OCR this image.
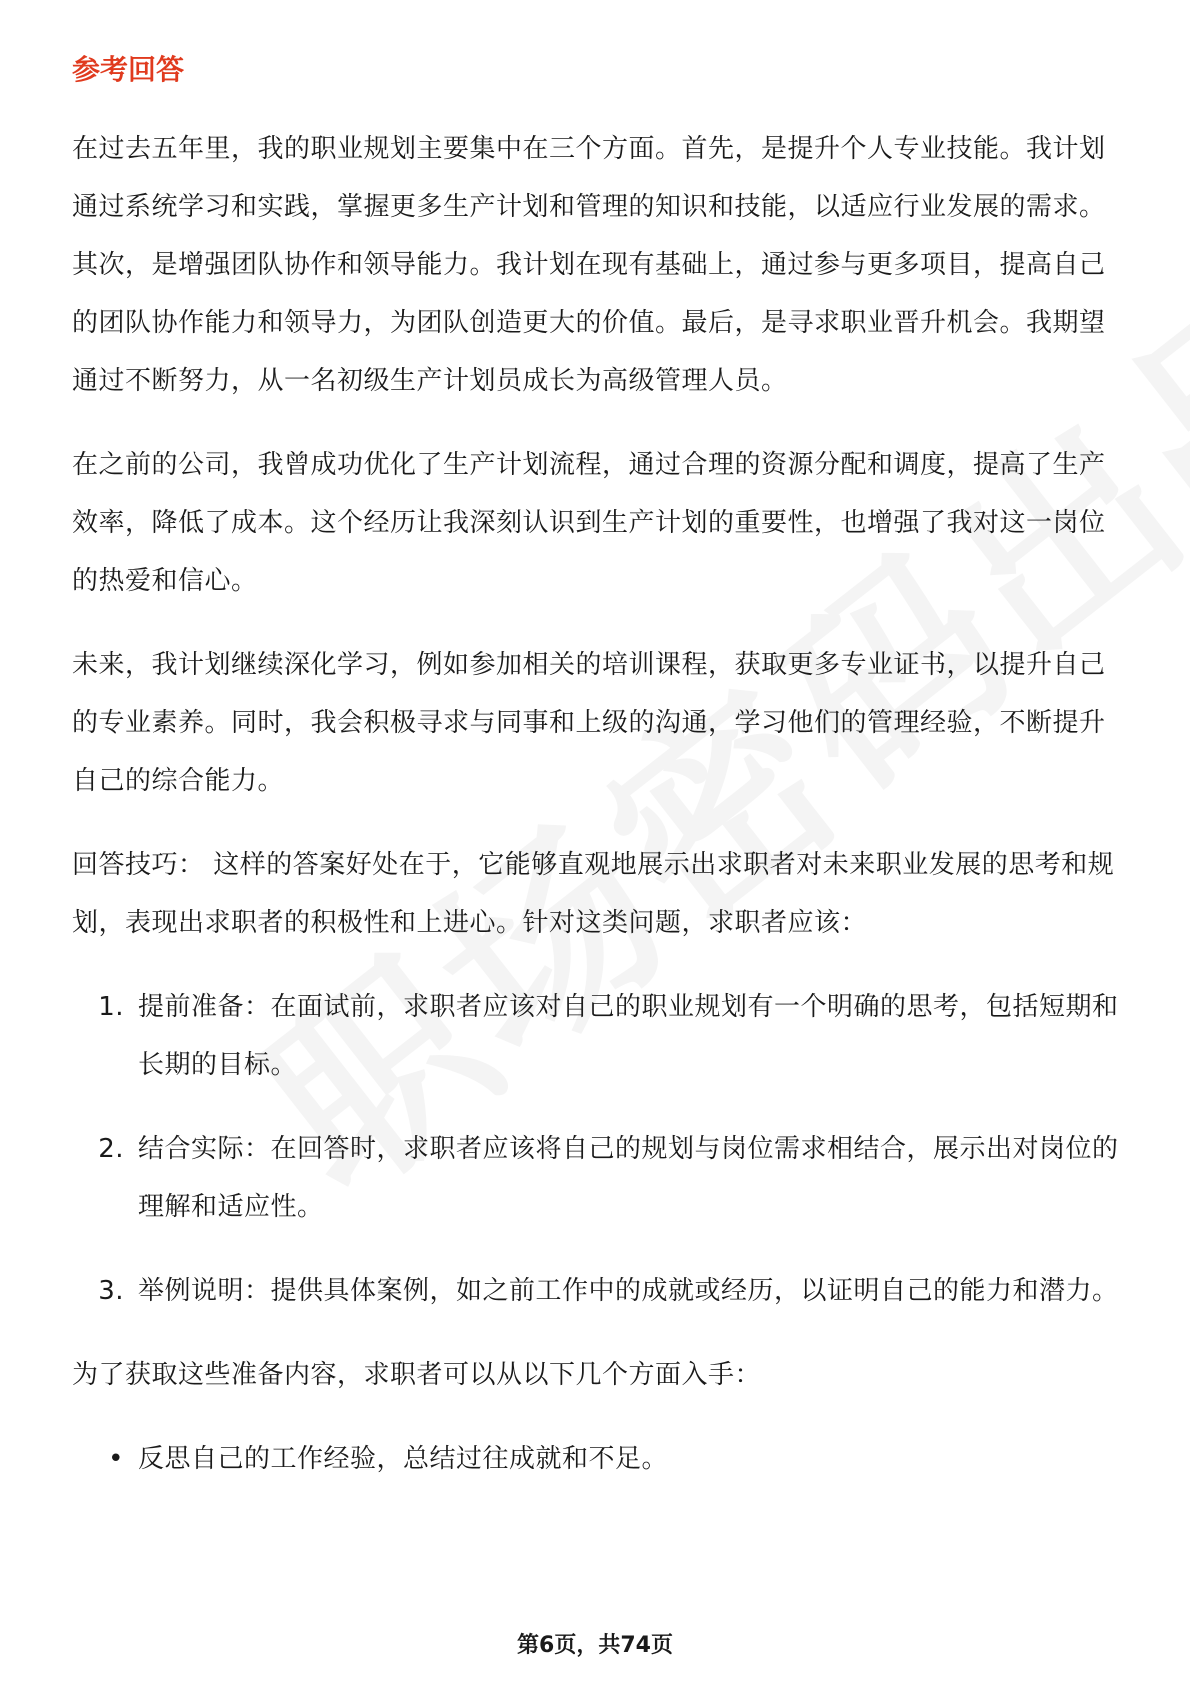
参考回答

在过去五年里，我的职业规划主要集中在三个方面。首先，是提升个人专业技能。我计划通过系统学习和实践，掌握更多生产计划和管理的知识和技能，以适应行业发展的需求。其次，是增强团队协作和领导能力。我计划在现有基础上，通过参与更多项目，提高自己的团队协作能力和领导力，为团队创造更大的价值。最后，是寻求职业晋升机会。我期望通过不断努力，从一名初级生产计划员成长为高级管理人员。

在之前的公司，我曾成功优化了生产计划流程，通过合理的资源分配和调度，提高了生产效率，降低了成本。这个经历让我深刻认识到生产计划的重要性，也增强了我对这一岗位的热爱和信心。

未来，我计划继续深化学习，例如参加相关的培训课程，获取更多专业证书，以提升自己的专业素养。同时，我会积极寻求与同事和上级的沟通，学习他们的管理经验，不断提升自己的综合能力。

回答技巧： 这样的答案好处在于，它能够直观地展示出求职者对未来职业发展的思考和规划，表现出求职者的积极性和上进心。针对这类问题，求职者应该：

1. 提前准备：在面试前，求职者应该对自己的职业规划有一个明确的思考，包括短期和长期的目标。
2. 结合实际：在回答时，求职者应该将自己的规划与岗位需求相结合，展示出对岗位的理解和适应性。
3. 举例说明：提供具体案例，如之前工作中的成就或经历，以证明自己的能力和潜力。

为了获取这些准备内容，求职者可以从以下几个方面入手：

• 反思自己的工作经验，总结过往成就和不足。
第6页，共74页
